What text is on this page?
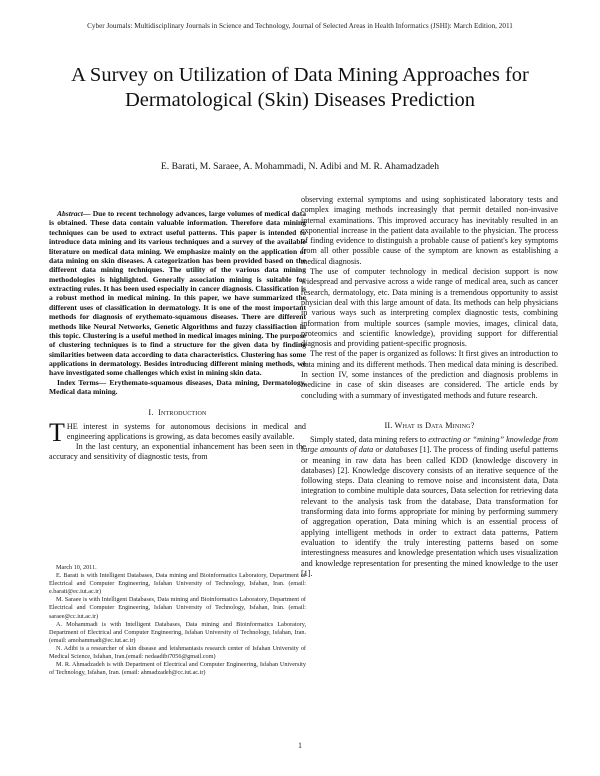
Cyber Journals: Multidisciplinary Journals in Science and Technology, Journal of Selected Areas in Health Informatics (JSHI): March Edition, 2011
A Survey on Utilization of Data Mining Approaches for Dermatological (Skin) Diseases Prediction
E. Barati, M. Saraee, A. Mohammadi, N. Adibi and M. R. Ahamadzadeh

Abstract— Due to recent technology advances, large volumes of medical data is obtained. These data contain valuable information. Therefore data mining techniques can be used to extract useful patterns. This paper is intended to introduce data mining and its various techniques and a survey of the available literature on medical data mining. We emphasize mainly on the application of data mining on skin diseases. A categorization has been provided based on the different data mining techniques. The utility of the various data mining methodologies is highlighted. Generally association mining is suitable for extracting rules. It has been used especially in cancer diagnosis. Classification is a robust method in medical mining. In this paper, we have summarized the different uses of classification in dermatology. It is one of the most important methods for diagnosis of erythemato-squamous diseases. There are different methods like Neural Networks, Genetic Algorithms and fuzzy classifiaction in this topic. Clustering is a useful method in medical images mining. The purpose of clustering techniques is to find a structure for the given data by finding similarities between data according to data characteristics. Clustering has some applications in dermatology. Besides introducing different mining methods, we have investigated some challenges which exist in mining skin data.

Index Terms— Erythemato-squamous diseases, Data mining, Dermatology, Medical data mining.

I. Introduction

THE interest in systems for autonomous decisions in medical and engineering applications is growing, as data becomes easily available.

In the last century, an exponential inhancement has been seen in the accuracy and sensitivity of diagnostic tests, from

March 10, 2011.

E. Barati is with Intelligent Databases, Data mining and Bioinformatics Laboratory, Department of Electrical and Computer Engineering, Isfahan University of Technology, Isfahan, Iran. (email: e.barati@ec.iut.ac.ir)

M. Saraee is with Intelligent Databases, Data mining and Bioinformatics Laboratory, Department of Electrical and Computer Engineering, Isfahan University of Technology, Isfahan, Iran. (email: saraee@cc.iut.ac.ir)

A. Mohammadi is with Intelligent Databases, Data mining and Bioinformatics Laboratory, Department of Electrical and Computer Engineering, Isfahan University of Technology, Isfahan, Iran. (email: amohammadi@ec.iut.ac.ir)

N. Adibi is a researcher of skin disease and leishmaniasis research center of Isfahan University of Medical Science, Isfahan, Iran.(email: nedaadibi7056@gmail.com)

M. R. Ahmadzadeh is with Department of Electrical and Computer Engineering, Isfahan University of Technology, Isfahan, Iran. (email: ahmadzadeh@cc.iut.ac.ir)

observing external symptoms and using sophisticated laboratory tests and complex imaging methods increasingly that permit detailed non-invasive internal examinations. This improved accuracy has inevitably resulted in an exponential increase in the patient data available to the physician. The process of finding evidence to distinguish a probable cause of patient's key symptoms from all other possible cause of the symptom are known as establishing a medical diagnosis.

The use of computer technology in medical decision support is now widespread and pervasive across a wide range of medical area, such as cancer research, dermatology, etc. Data mining is a tremendous opportunity to assist physician deal with this large amount of data. Its methods can help physicians in various ways such as interpreting complex diagnostic tests, combining information from multiple sources (sample movies, images, clinical data, proteomics and scientific knowledge), providing support for differential diagnosis and providing patient-specific prognosis.

The rest of the paper is organized as follows: It first gives an introduction to data mining and its different methods. Then medical data mining is described. In section IV, some instances of the prediction and diagnosis problems in medicine in case of skin diseases are considered. The article ends by concluding with a summary of investigated methods and future research.

II. What is Data Mining?

Simply stated, data mining refers to extracting or “mining” knowledge from large amounts of data or databases [1]. The process of finding useful patterns or meaning in raw data has been called KDD (knowledge discovery in databases) [2]. Knowledge discovery consists of an iterative sequence of the following steps. Data cleaning to remove noise and inconsistent data, Data integration to combine multiple data sources, Data selection for retrieving data relevant to the analysis task from the database, Data transformation for transforming data into forms appropriate for mining by performing summery of aggregation operation, Data mining which is an essential process of applying intelligent methods in order to extract data patterns, Pattern evaluation to identify the truly interesting patterns based on some interestingness measures and knowledge presentation which uses visualization and knowledge representation for presenting the mined knowledge to the user [1].

1
